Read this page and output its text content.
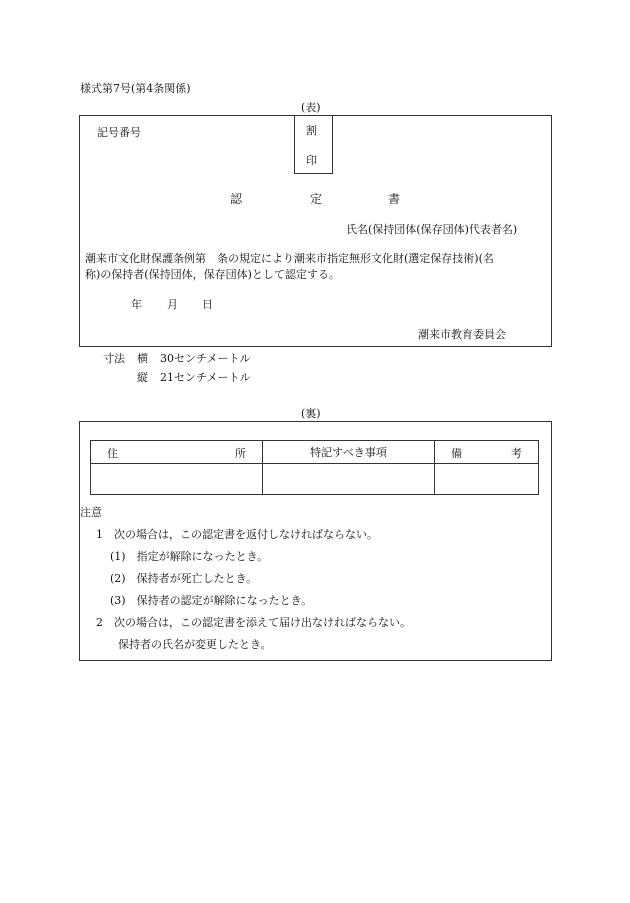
様式第7号(第4条関係)
(表)
記号番号	割
印
認	定	書
氏名(保持団体(保存団体)代表者名)
潮来市文化財保護条例第　条の規定により潮来市指定無形文化財(選定保存技術)(名
称)の保持者(保持団体，保存団体)として認定する。
年 月 日
潮来市教育委員会
寸法 横 30センチメートル
縦 21センチメートル
(裏)
住 所	特記すべき事項	備 考

注意
1　次の場合は，この認定書を返付しなければならない。
(1)　指定が解除になったとき。
(2)　保持者が死亡したとき。
(3)　保持者の認定が解除になったとき。
2　次の場合は，この認定書を添えて届け出なければならない。
保持者の氏名が変更したとき。
